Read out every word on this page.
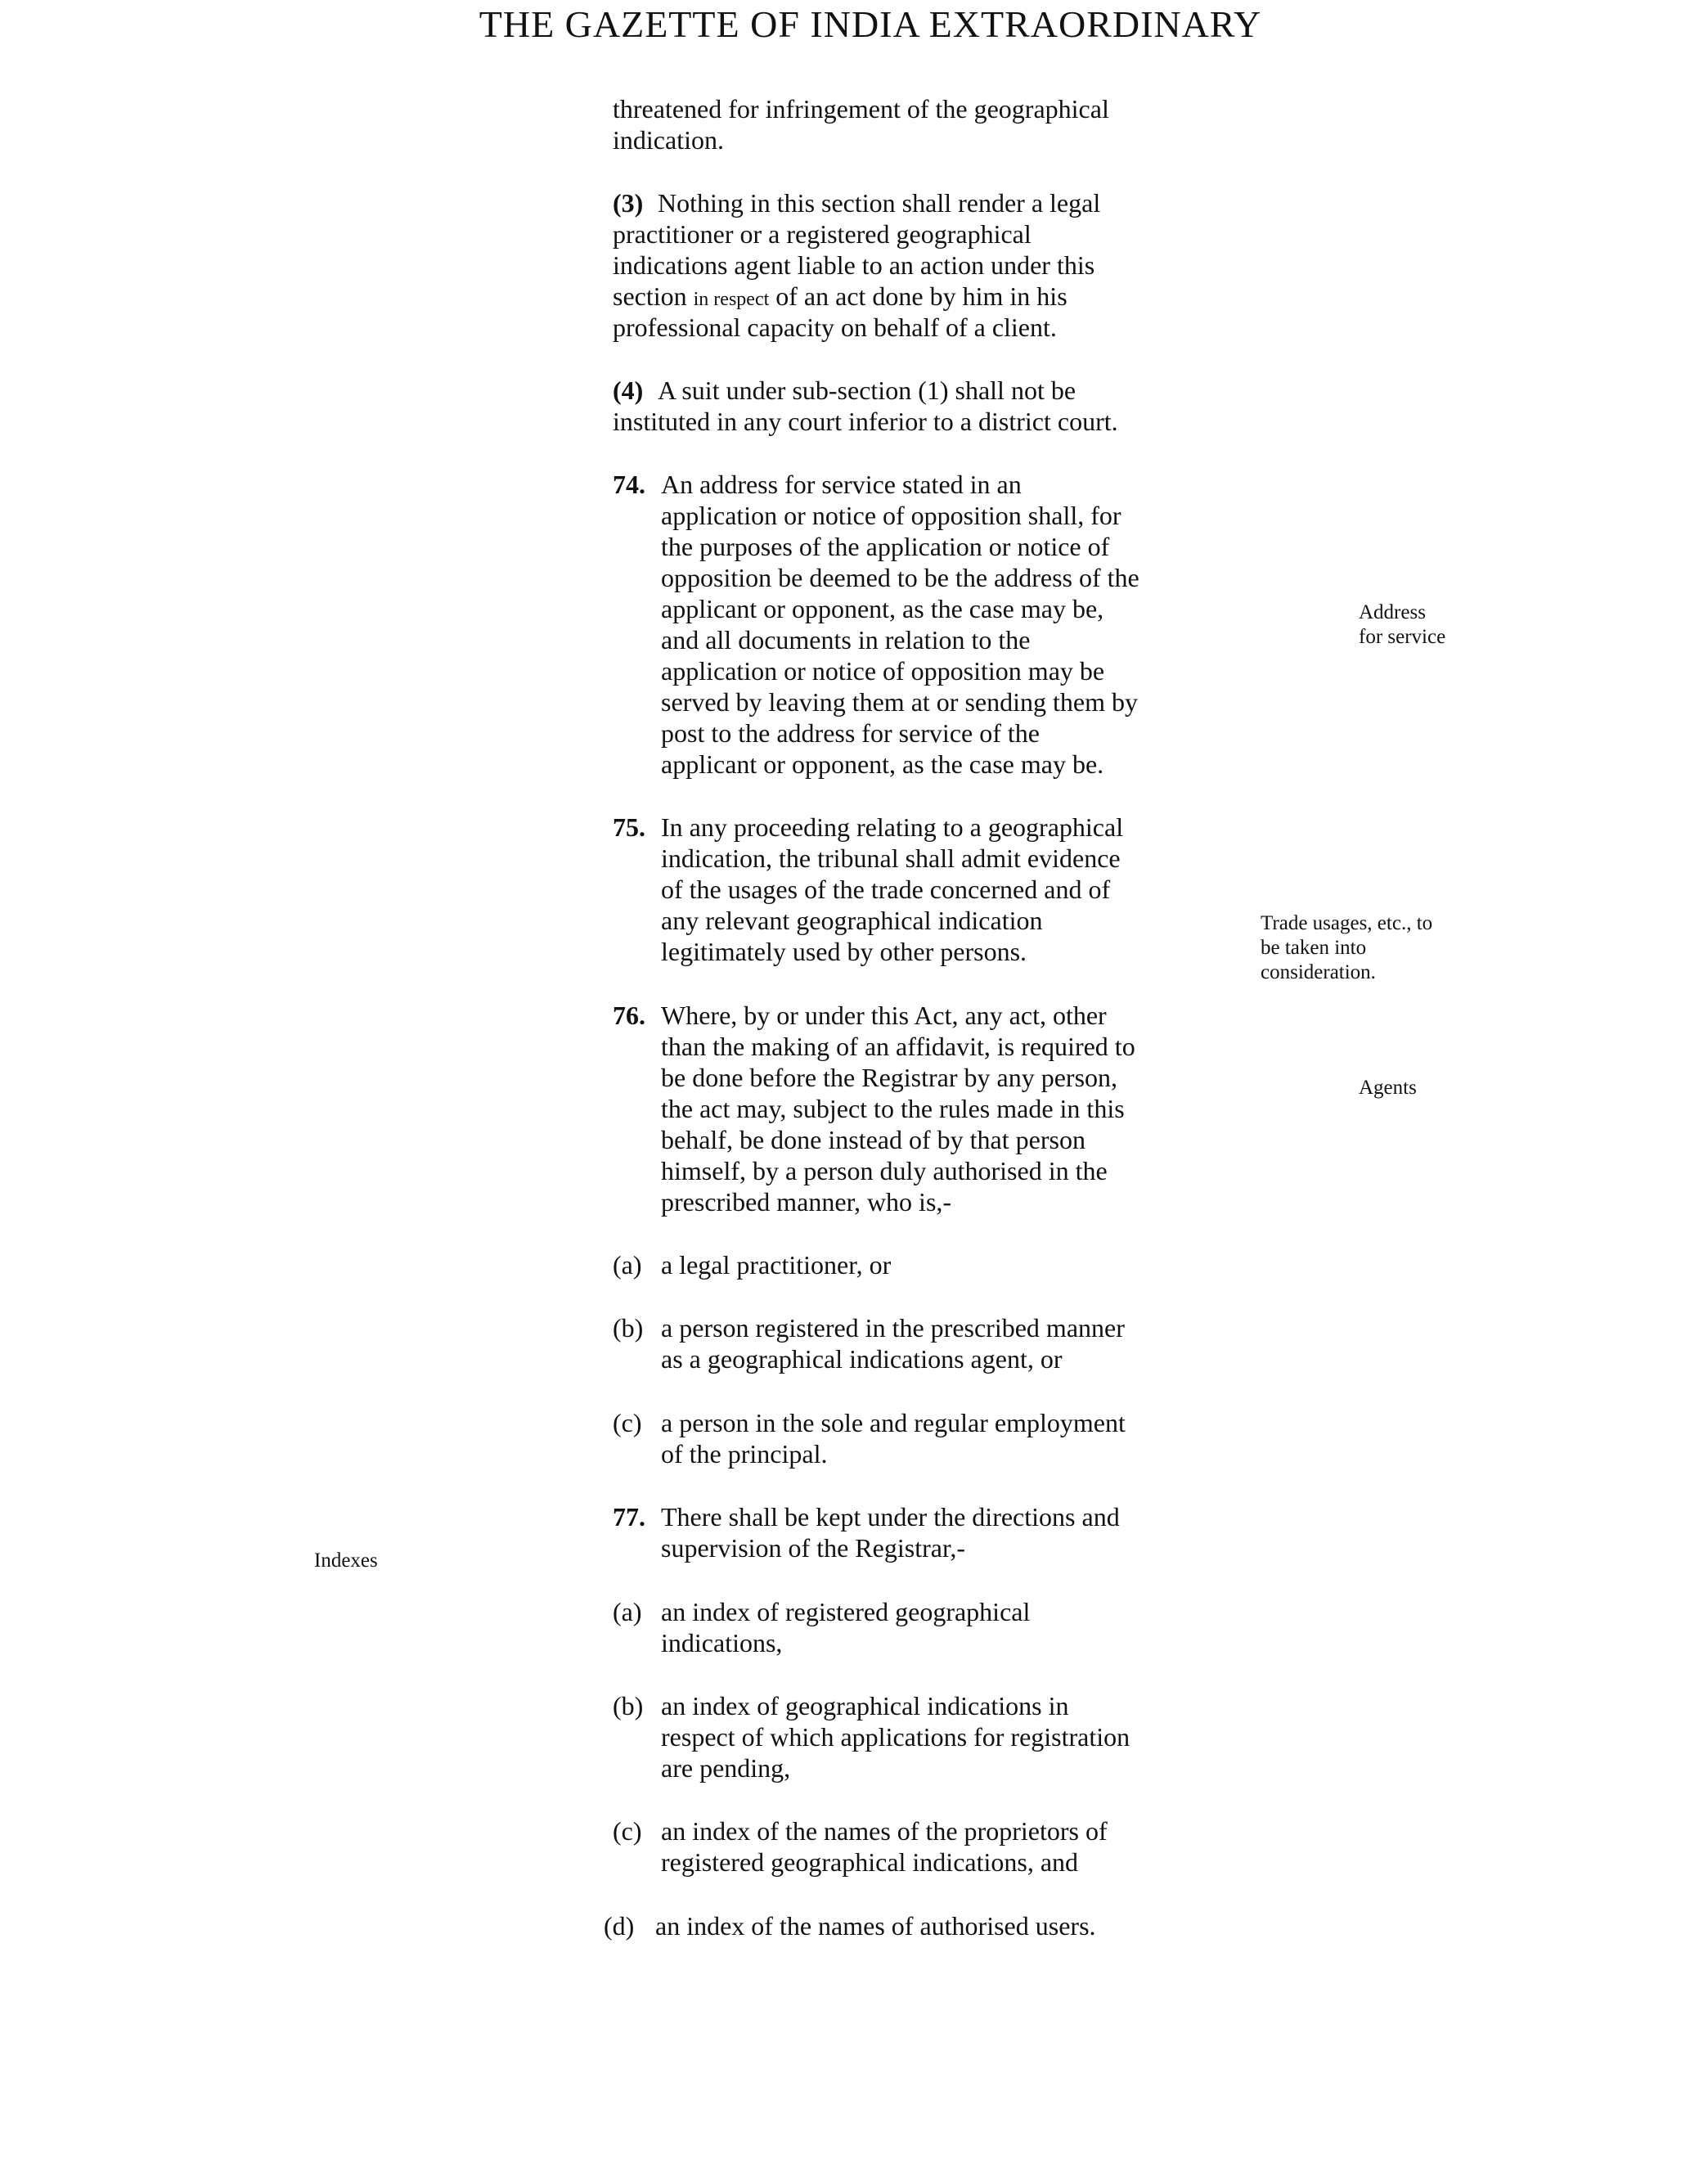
THE GAZETTE OF INDIA EXTRAORDINARY
threatened for infringement of the geographical
indication.
(3) Nothing in this section shall render a legal
practitioner or a registered geographical
indications agent liable to an action under this
section in respect of an act done by him in his
professional capacity on behalf of a client.
(4) A suit under sub-section (1) shall not be
instituted in any court inferior to a district court.
74. An address for service stated in an
application or notice of opposition shall, for
the purposes of the application or notice of
opposition be deemed to be the address of the
applicant or opponent, as the case may be,
and all documents in relation to the
application or notice of opposition may be
served by leaving them at or sending them by
post to the address for service of the
applicant or opponent, as the case may be.
75. In any proceeding relating to a geographical
indication, the tribunal shall admit evidence
of the usages of the trade concerned and of
any relevant geographical indication
legitimately used by other persons.
76. Where, by or under this Act, any act, other
than the making of an affidavit, is required to
be done before the Registrar by any person,
the act may, subject to the rules made in this
behalf, be done instead of by that person
himself, by a person duly authorised in the
prescribed manner, who is,-
(a) a legal practitioner, or
(b) a person registered in the prescribed manner
as a geographical indications agent, or
(c) a person in the sole and regular employment
of the principal.
77. There shall be kept under the directions and
supervision of the Registrar,-
(a) an index of registered geographical
indications,
(b) an index of geographical indications in
respect of which applications for registration
are pending,
(c) an index of the names of the proprietors of
registered geographical indications, and
(d) an index of the names of authorised users.
Address
for service
Trade usages, etc., to
be taken into
consideration.
Agents
Indexes
